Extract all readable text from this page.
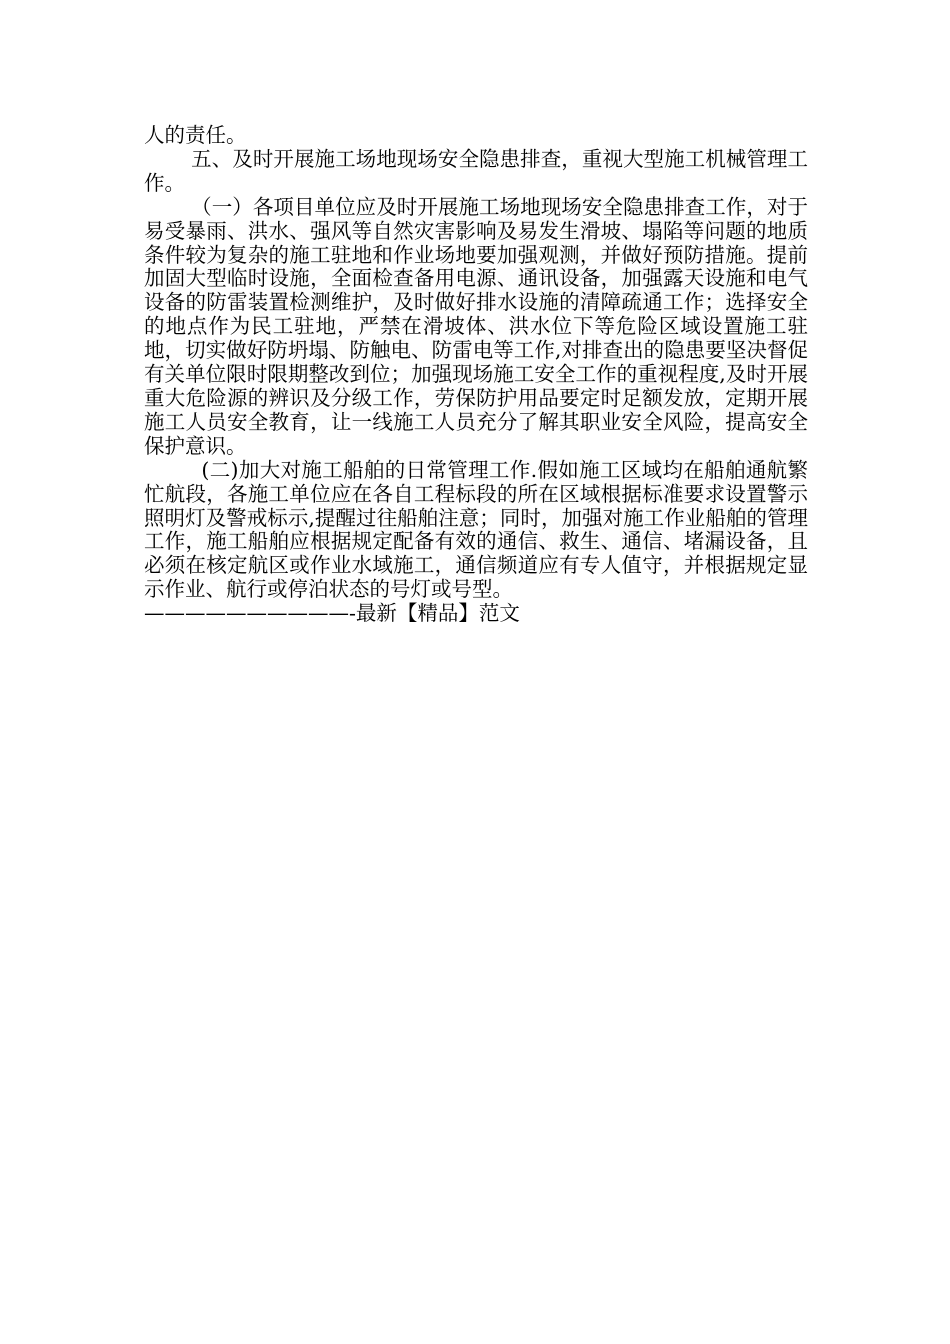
人的责任。

五、及时开展施工场地现场安全隐患排查，重视大型施工机械管理工作。

（一）各项目单位应及时开展施工场地现场安全隐患排查工作，对于易受暴雨、洪水、强风等自然灾害影响及易发生滑坡、塌陷等问题的地质条件较为复杂的施工驻地和作业场地要加强观测，并做好预防措施。提前加固大型临时设施，全面检查备用电源、通讯设备，加强露天设施和电气设备的防雷装置检测维护，及时做好排水设施的清障疏通工作；选择安全的地点作为民工驻地，严禁在滑坡体、洪水位下等危险区域设置施工驻地，切实做好防坍塌、防触电、防雷电等工作,对排查出的隐患要坚决督促有关单位限时限期整改到位；加强现场施工安全工作的重视程度,及时开展重大危险源的辨识及分级工作，劳保防护用品要定时足额发放，定期开展施工人员安全教育，让一线施工人员充分了解其职业安全风险，提高安全保护意识。

(二)加大对施工船舶的日常管理工作.假如施工区域均在船舶通航繁忙航段，各施工单位应在各自工程标段的所在区域根据标准要求设置警示照明灯及警戒标示,提醒过往船舶注意；同时，加强对施工作业船舶的管理工作，施工船舶应根据规定配备有效的通信、救生、通信、堵漏设备，且必须在核定航区或作业水域施工，通信频道应有专人值守，并根据规定显示作业、航行或停泊状态的号灯或号型。

——————————-最新【精品】范文
